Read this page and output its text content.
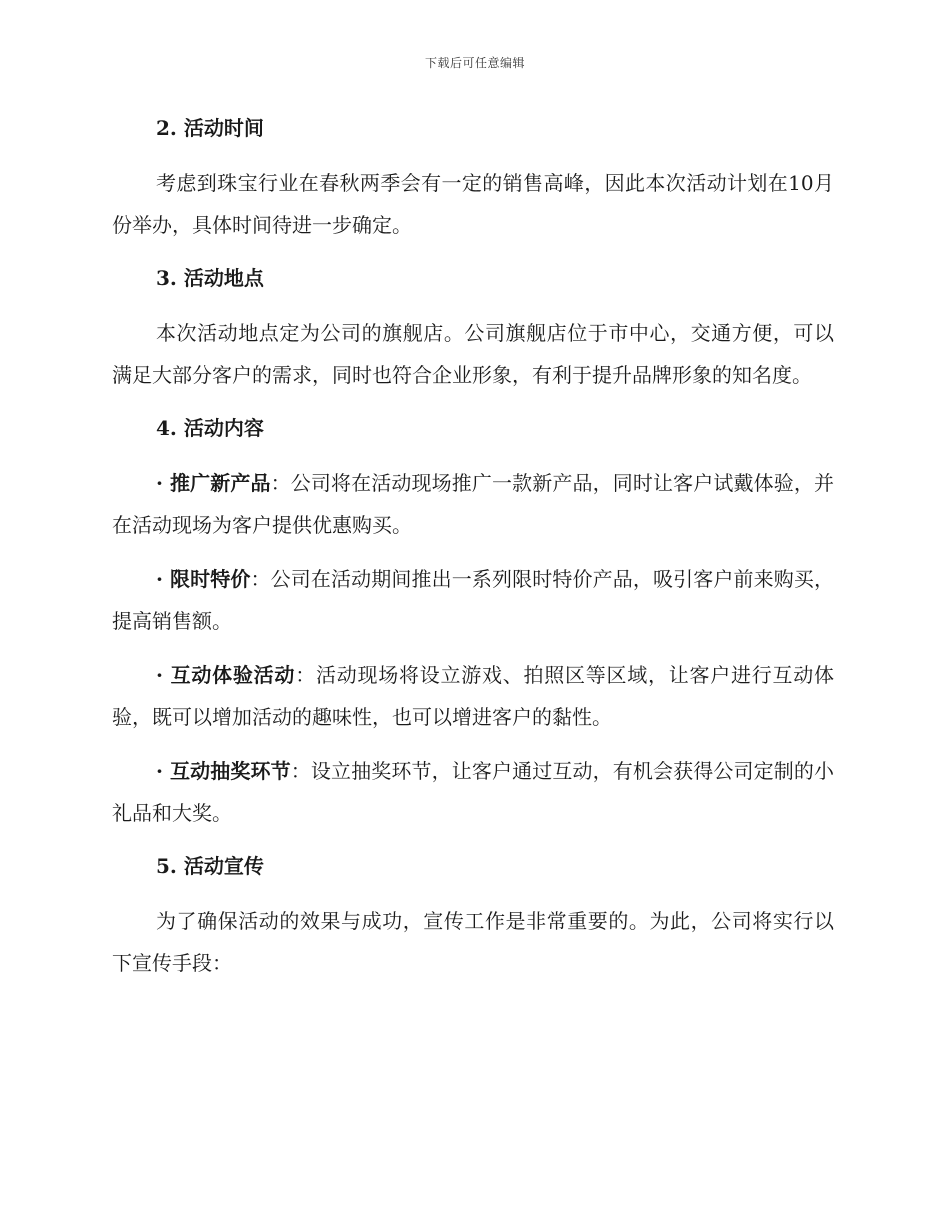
下载后可任意编辑
2. 活动时间

考虑到珠宝行业在春秋两季会有一定的销售高峰，因此本次活动计划在10月份举办，具体时间待进一步确定。

3. 活动地点

本次活动地点定为公司的旗舰店。公司旗舰店位于市中心，交通方便，可以满足大部分客户的需求，同时也符合企业形象，有利于提升品牌形象的知名度。

4. 活动内容

· 推广新产品：公司将在活动现场推广一款新产品，同时让客户试戴体验，并在活动现场为客户提供优惠购买。

· 限时特价：公司在活动期间推出一系列限时特价产品，吸引客户前来购买，提高销售额。

· 互动体验活动：活动现场将设立游戏、拍照区等区域，让客户进行互动体验，既可以增加活动的趣味性，也可以增进客户的黏性。

· 互动抽奖环节：设立抽奖环节，让客户通过互动，有机会获得公司定制的小礼品和大奖。

5. 活动宣传

为了确保活动的效果与成功，宣传工作是非常重要的。为此，公司将实行以下宣传手段：
